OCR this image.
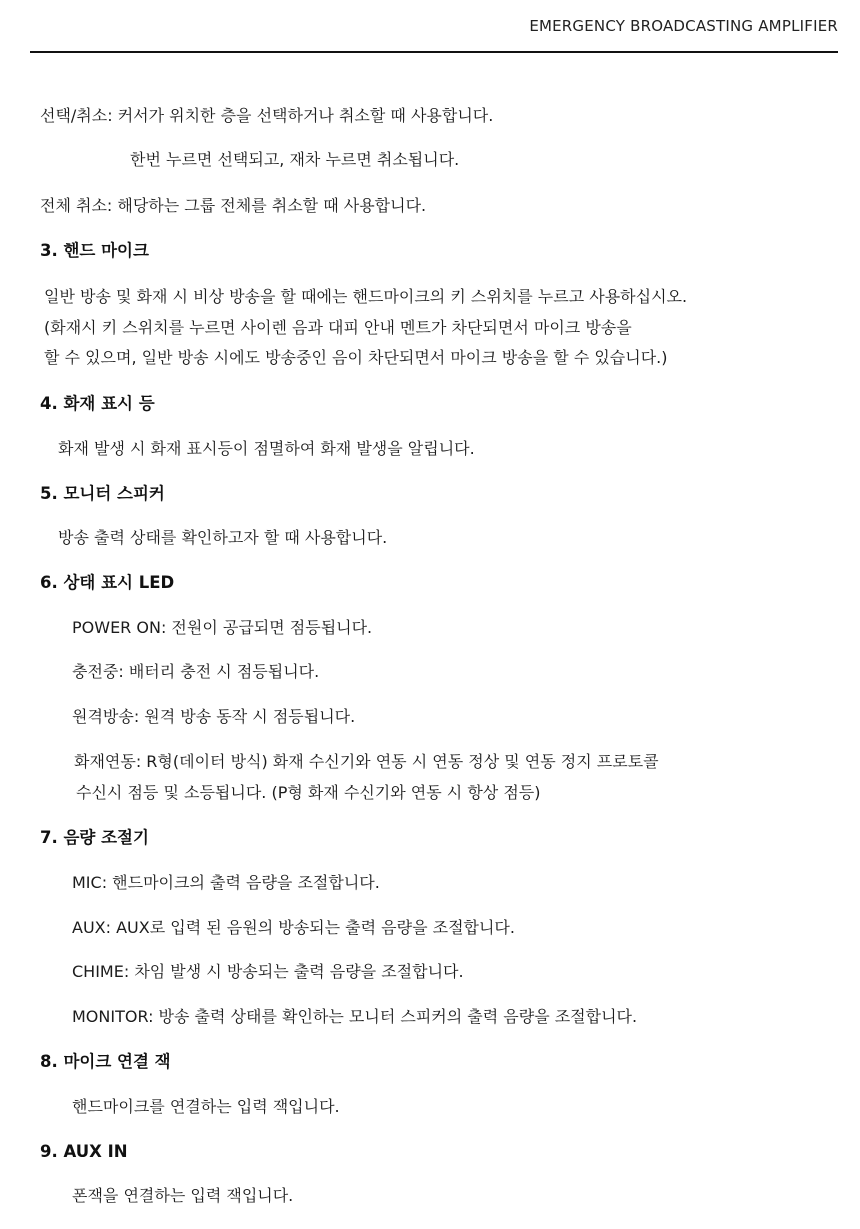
EMERGENCY BROADCASTING AMPLIFIER
선택/취소: 커서가 위치한 층을 선택하거나 취소할 때 사용합니다.
한번 누르면 선택되고, 재차 누르면 취소됩니다.
전체 취소: 해당하는 그룹 전체를 취소할 때 사용합니다.
3. 핸드 마이크
일반 방송 및 화재 시 비상 방송을 할 때에는 핸드마이크의 키 스위치를 누르고 사용하십시오.
(화재시 키 스위치를 누르면 사이렌 음과 대피 안내 멘트가 차단되면서 마이크 방송을
할 수 있으며, 일반 방송 시에도 방송중인 음이 차단되면서 마이크 방송을 할 수 있습니다.)
4. 화재 표시 등
화재 발생 시 화재 표시등이 점멸하여 화재 발생을 알립니다.
5. 모니터 스피커
방송 출력 상태를 확인하고자 할 때 사용합니다.
6. 상태 표시 LED
POWER ON: 전원이 공급되면 점등됩니다.
충전중: 배터리 충전 시 점등됩니다.
원격방송: 원격 방송 동작 시 점등됩니다.
화재연동: R형(데이터 방식) 화재 수신기와 연동 시 연동 정상 및 연동 정지 프로토콜
수신시 점등 및 소등됩니다. (P형 화재 수신기와 연동 시 항상 점등)
7. 음량 조절기
MIC: 핸드마이크의 출력 음량을 조절합니다.
AUX: AUX로 입력 된 음원의 방송되는 출력 음량을 조절합니다.
CHIME: 차임 발생 시 방송되는 출력 음량을 조절합니다.
MONITOR: 방송 출력 상태를 확인하는 모니터 스피커의 출력 음량을 조절합니다.
8. 마이크 연결 잭
핸드마이크를 연결하는 입력 잭입니다.
9. AUX IN
폰잭을 연결하는 입력 잭입니다.
